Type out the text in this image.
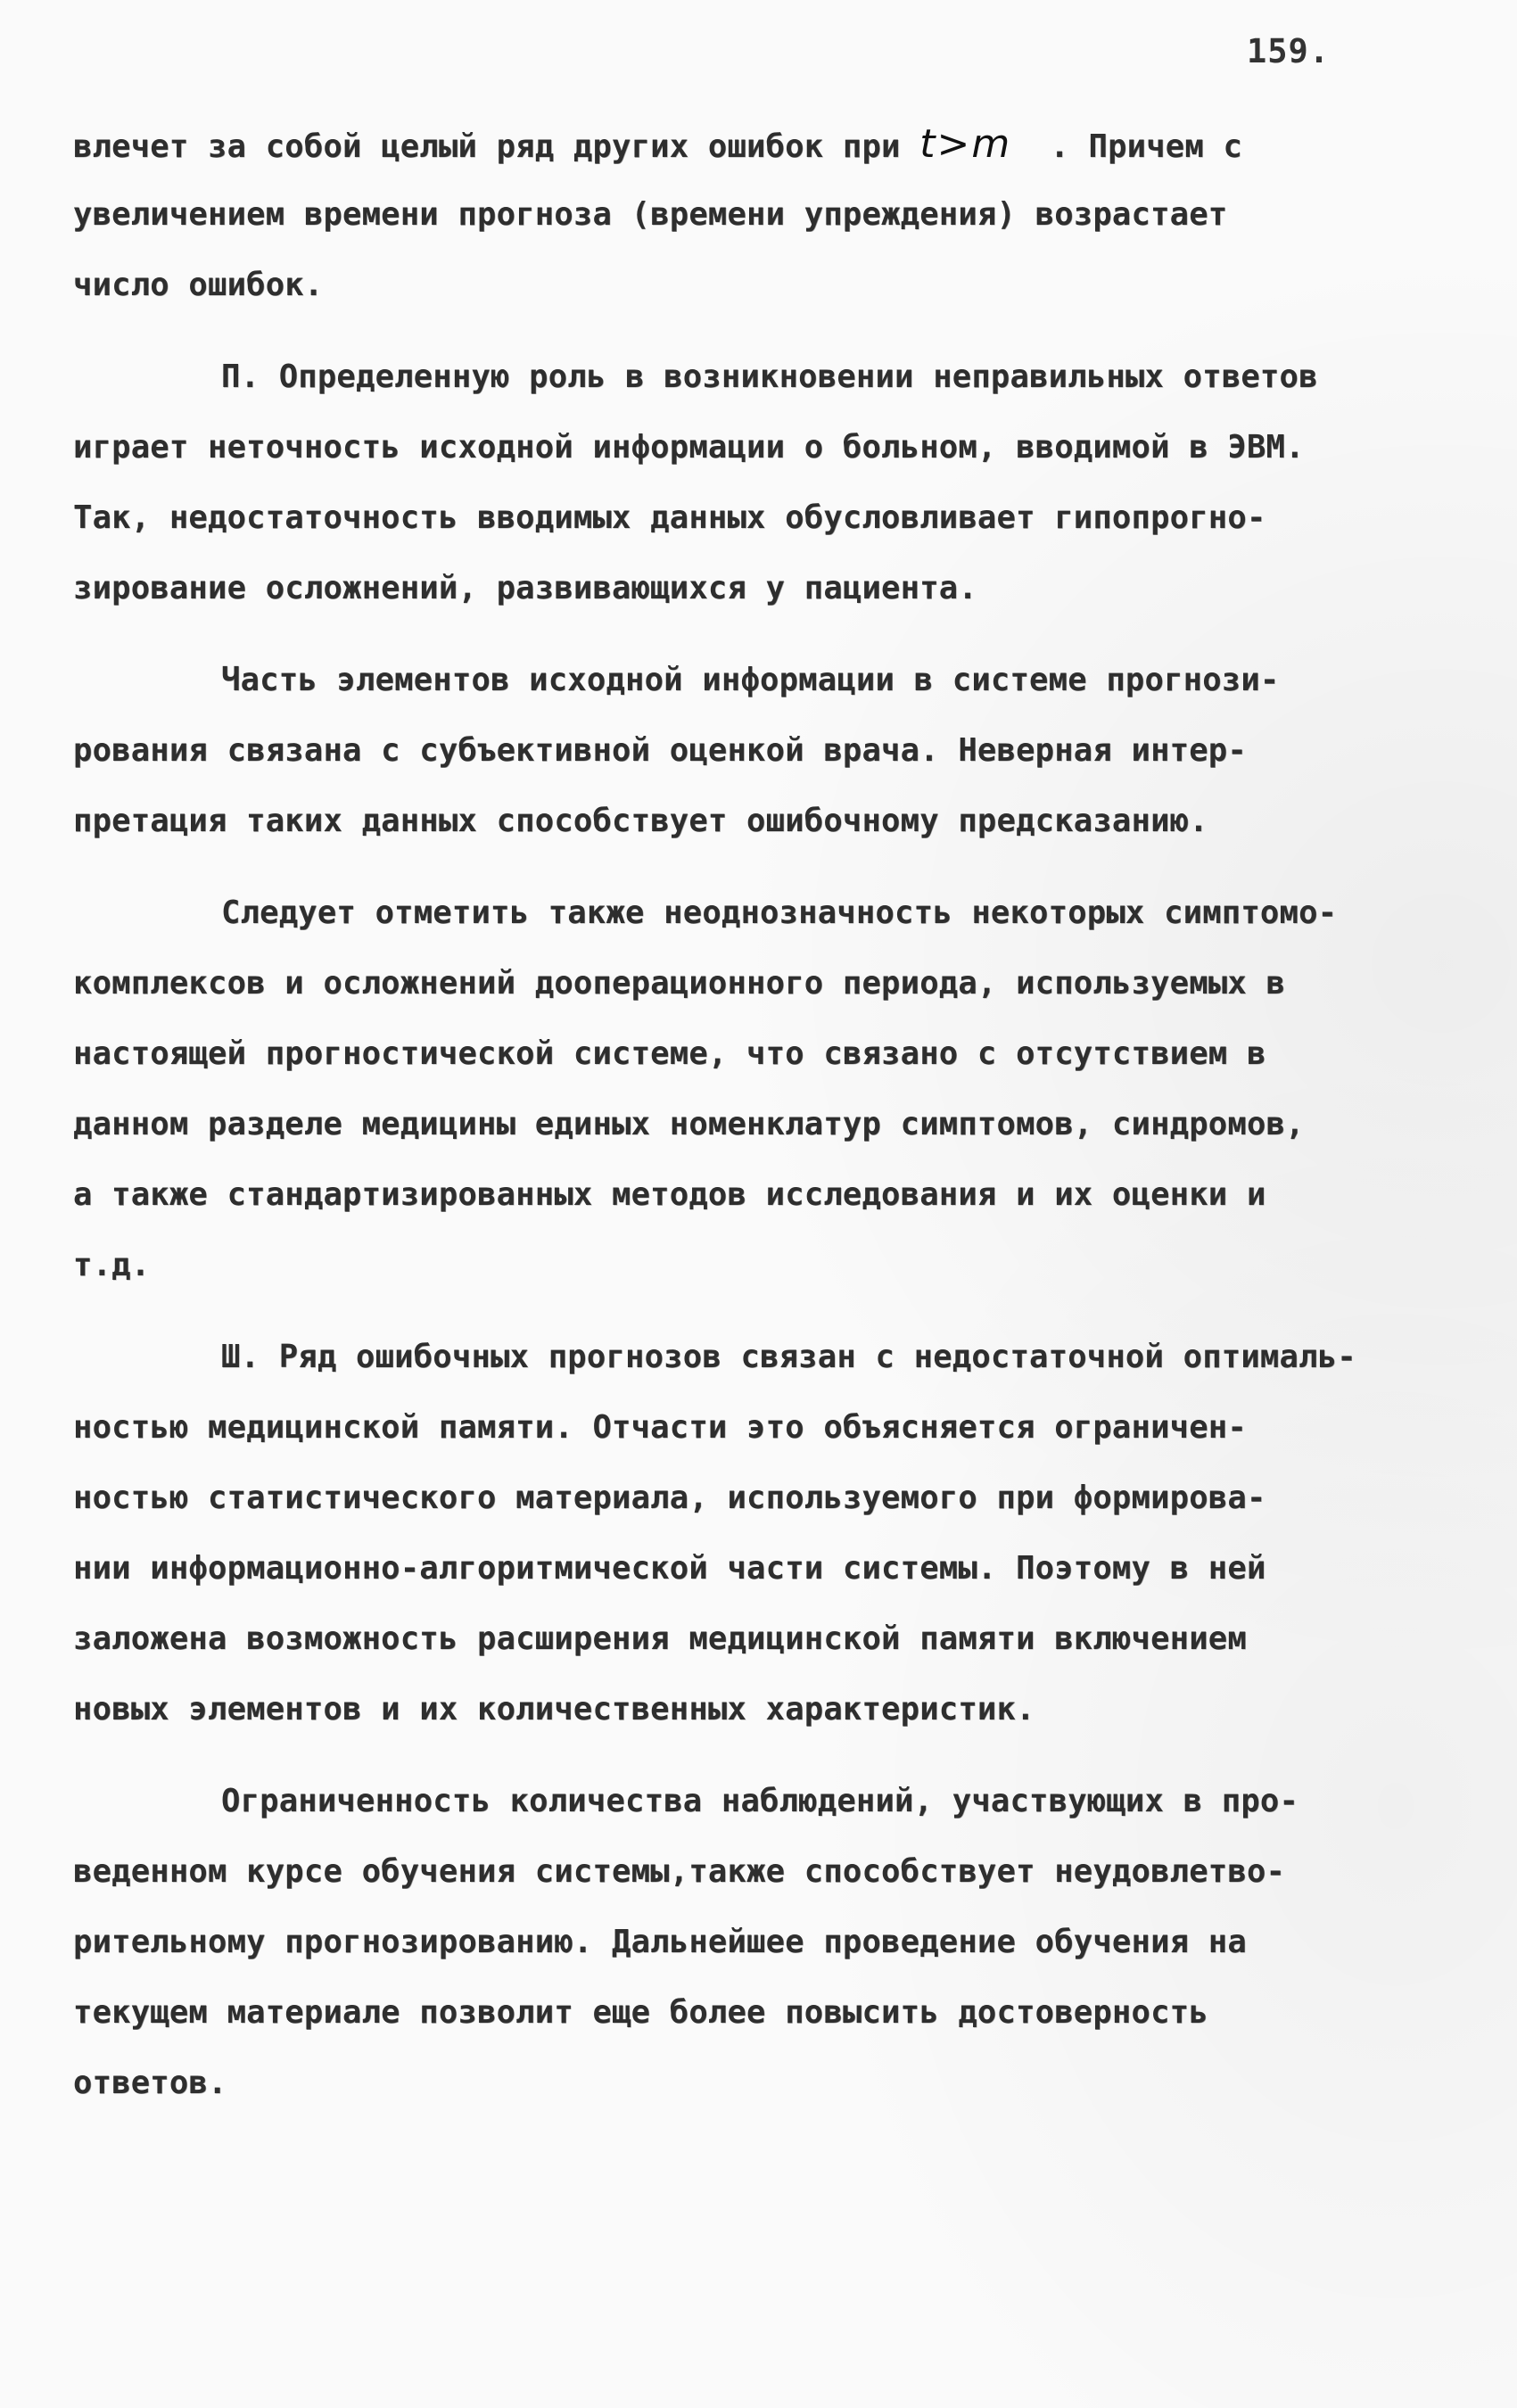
159.
влечет за собой целый ряд других ошибок при t>m  . Причем с
увеличением времени прогноза (времени упреждения) возрастает
число ошибок.
П. Определенную роль в возникновении неправильных ответов
играет неточность исходной информации о больном, вводимой в ЭВМ.
Так, недостаточность вводимых данных обусловливает гипопрогно-
зирование осложнений, развивающихся у пациента.
Часть элементов исходной информации в системе прогнози-
рования связана с субъективной оценкой врача. Неверная интер-
претация таких данных способствует ошибочному предсказанию.
Следует отметить также неоднозначность некоторых симптомо-
комплексов и осложнений дооперационного периода, используемых в
настоящей прогностической системе, что связано с отсутствием в
данном разделе медицины единых номенклатур симптомов, синдромов,
а также стандартизированных методов исследования и их оценки и
т.д.
Ш. Ряд ошибочных прогнозов связан с недостаточной оптималь-
ностью медицинской памяти. Отчасти это объясняется ограничен-
ностью статистического материала, используемого при формирова-
нии информационно-алгоритмической части системы. Поэтому в ней
заложена возможность расширения медицинской памяти включением
новых элементов и их количественных характеристик.
Ограниченность количества наблюдений, участвующих в про-
веденном курсе обучения системы,также способствует неудовлетво-
рительному прогнозированию. Дальнейшее проведение обучения на
текущем материале позволит еще более повысить достоверность
ответов.
